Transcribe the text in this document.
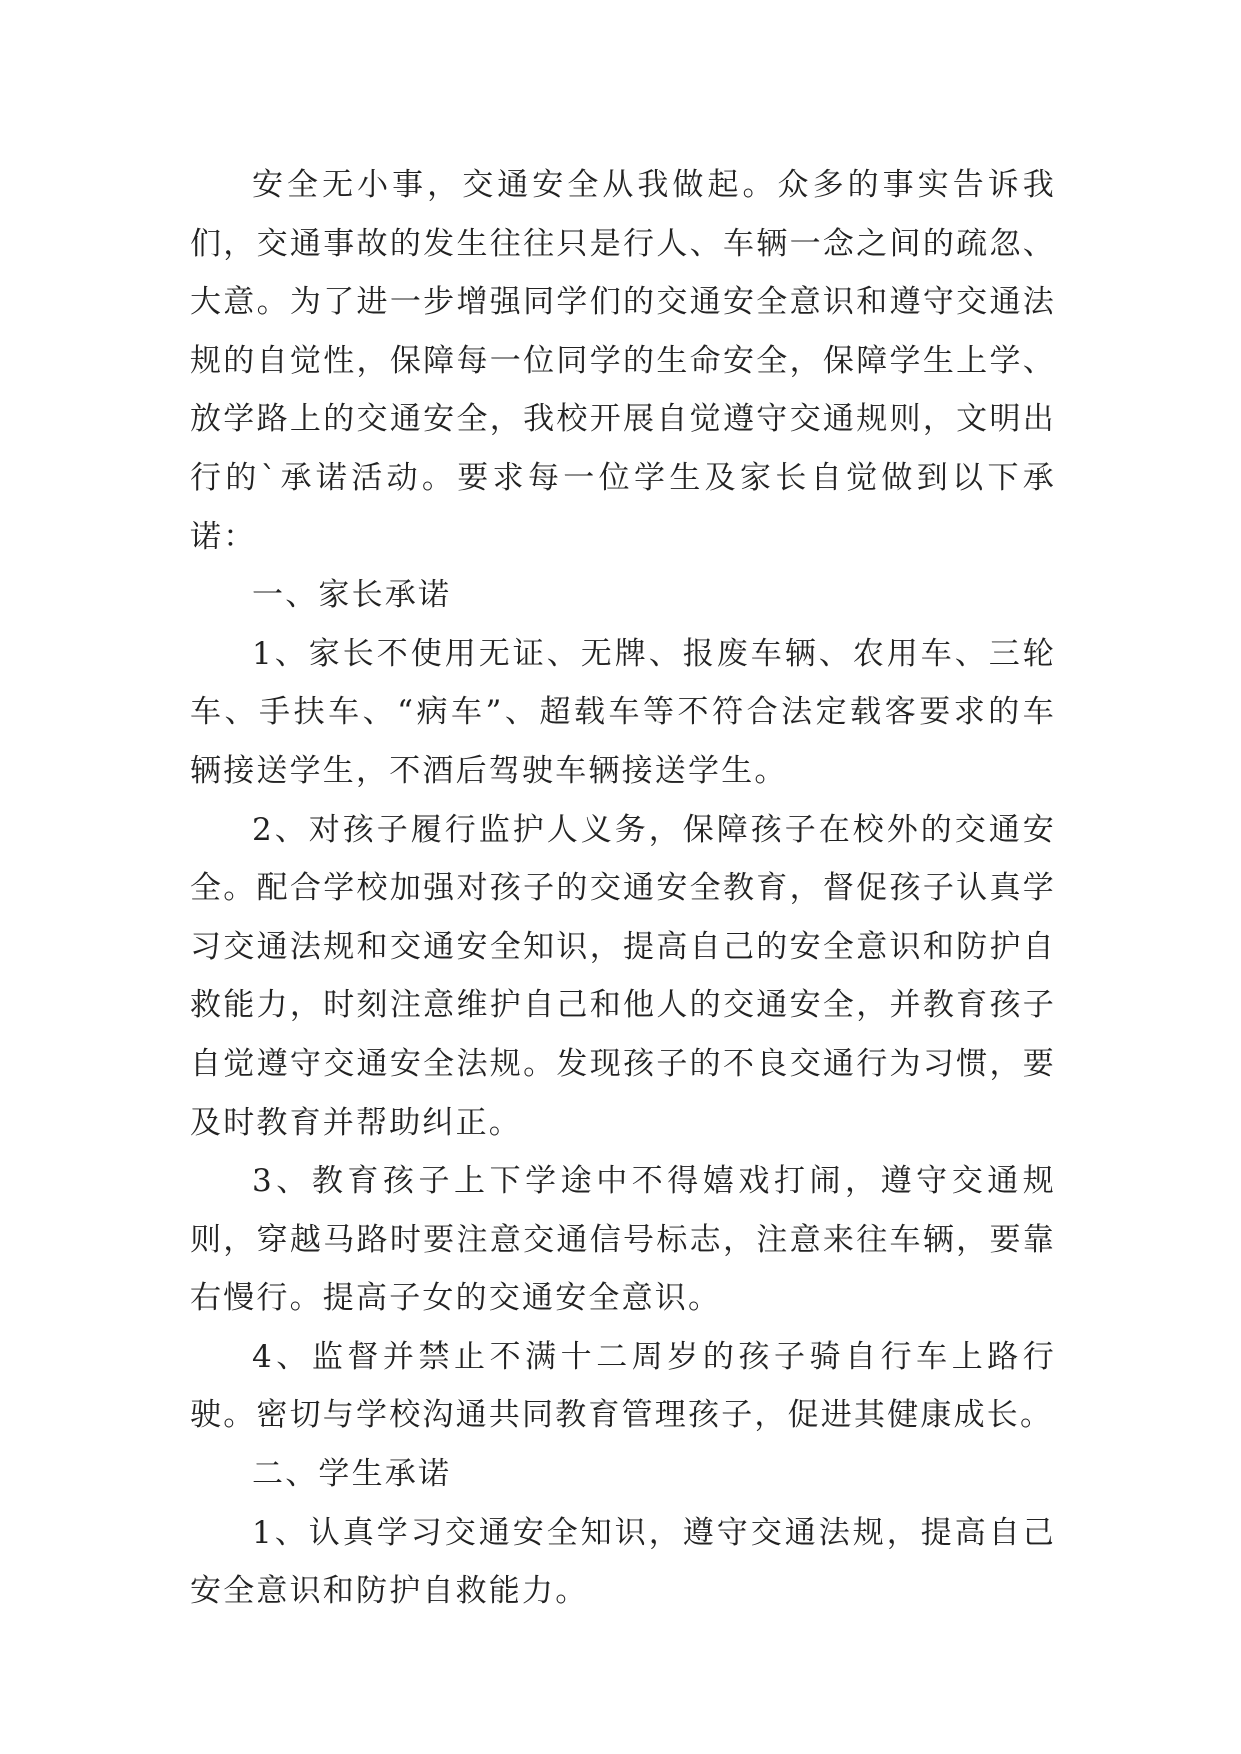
安全无小事，交通安全从我做起。众多的事实告诉我们，交通事故的发生往往只是行人、车辆一念之间的疏忽、大意。为了进一步增强同学们的交通安全意识和遵守交通法规的自觉性，保障每一位同学的生命安全，保障学生上学、放学路上的交通安全，我校开展自觉遵守交通规则，文明出行的`承诺活动。要求每一位学生及家长自觉做到以下承诺：

一、家长承诺

1、家长不使用无证、无牌、报废车辆、农用车、三轮车、手扶车、“病车”、超载车等不符合法定载客要求的车辆接送学生，不酒后驾驶车辆接送学生。

2、对孩子履行监护人义务，保障孩子在校外的交通安全。配合学校加强对孩子的交通安全教育，督促孩子认真学习交通法规和交通安全知识，提高自己的安全意识和防护自救能力，时刻注意维护自己和他人的交通安全，并教育孩子自觉遵守交通安全法规。发现孩子的不良交通行为习惯，要及时教育并帮助纠正。

3、教育孩子上下学途中不得嬉戏打闹，遵守交通规则，穿越马路时要注意交通信号标志，注意来往车辆，要靠右慢行。提高子女的交通安全意识。

4、监督并禁止不满十二周岁的孩子骑自行车上路行驶。密切与学校沟通共同教育管理孩子，促进其健康成长。

二、学生承诺

1、认真学习交通安全知识，遵守交通法规，提高自己安全意识和防护自救能力。
